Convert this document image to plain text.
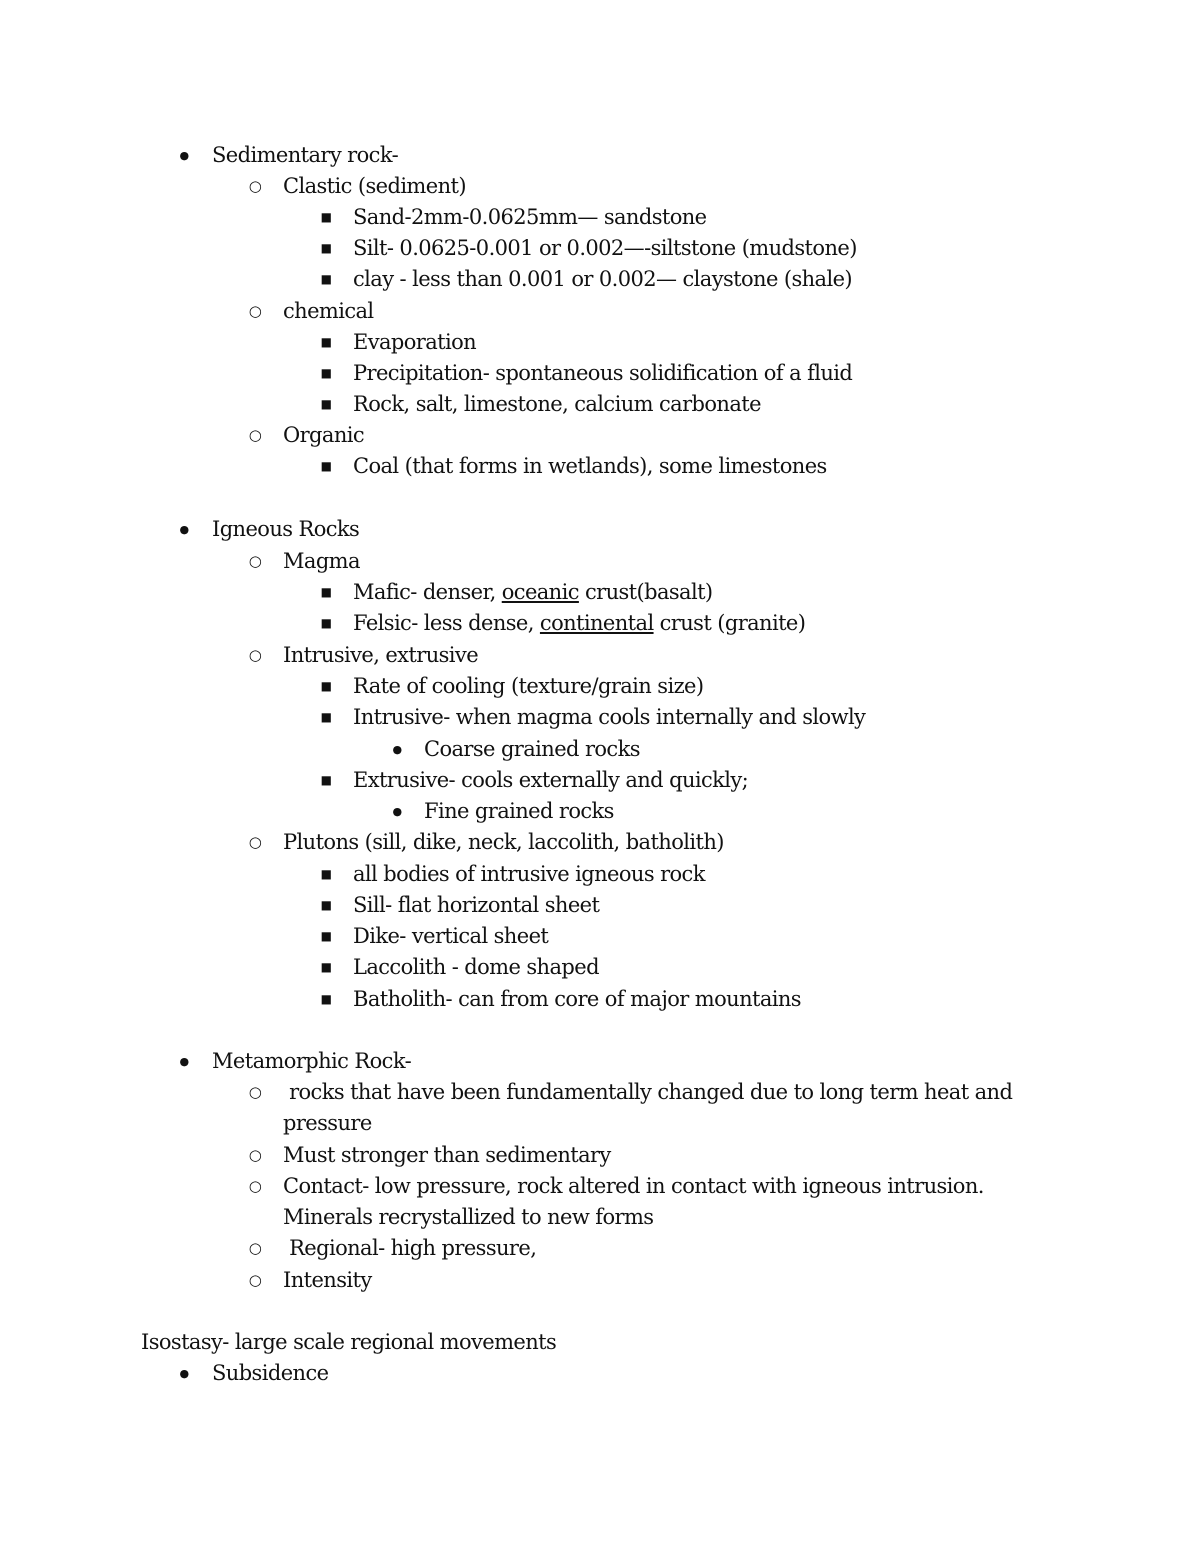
●
Sedimentary rock-
○
Clastic (sediment)
■
Sand-2mm-0.0625mm— sandstone
■
Silt- 0.0625-0.001 or 0.002—-siltstone (mudstone)
■
clay - less than 0.001 or 0.002— claystone (shale)
○
chemical
■
Evaporation
■
Precipitation- spontaneous solidification of a fluid
■
Rock, salt, limestone, calcium carbonate
○
Organic
■
Coal (that forms in wetlands), some limestones
●
Igneous Rocks
○
Magma
■
Mafic- denser, oceanic crust(basalt)
■
Felsic- less dense, continental crust (granite)
○
Intrusive, extrusive
■
Rate of cooling (texture/grain size)
■
Intrusive- when magma cools internally and slowly
●
Coarse grained rocks
■
Extrusive- cools externally and quickly;
●
Fine grained rocks
○
Plutons (sill, dike, neck, laccolith, batholith)
■
all bodies of intrusive igneous rock
■
Sill- flat horizontal sheet
■
Dike- vertical sheet
■
Laccolith - dome shaped
■
Batholith- can from core of major mountains
●
Metamorphic Rock-
○
rocks that have been fundamentally changed due to long term heat and
pressure
○
Must stronger than sedimentary
○
Contact- low pressure, rock altered in contact with igneous intrusion.
Minerals recrystallized to new forms
○
Regional- high pressure,
○
Intensity
Isostasy- large scale regional movements
●
Subsidence
